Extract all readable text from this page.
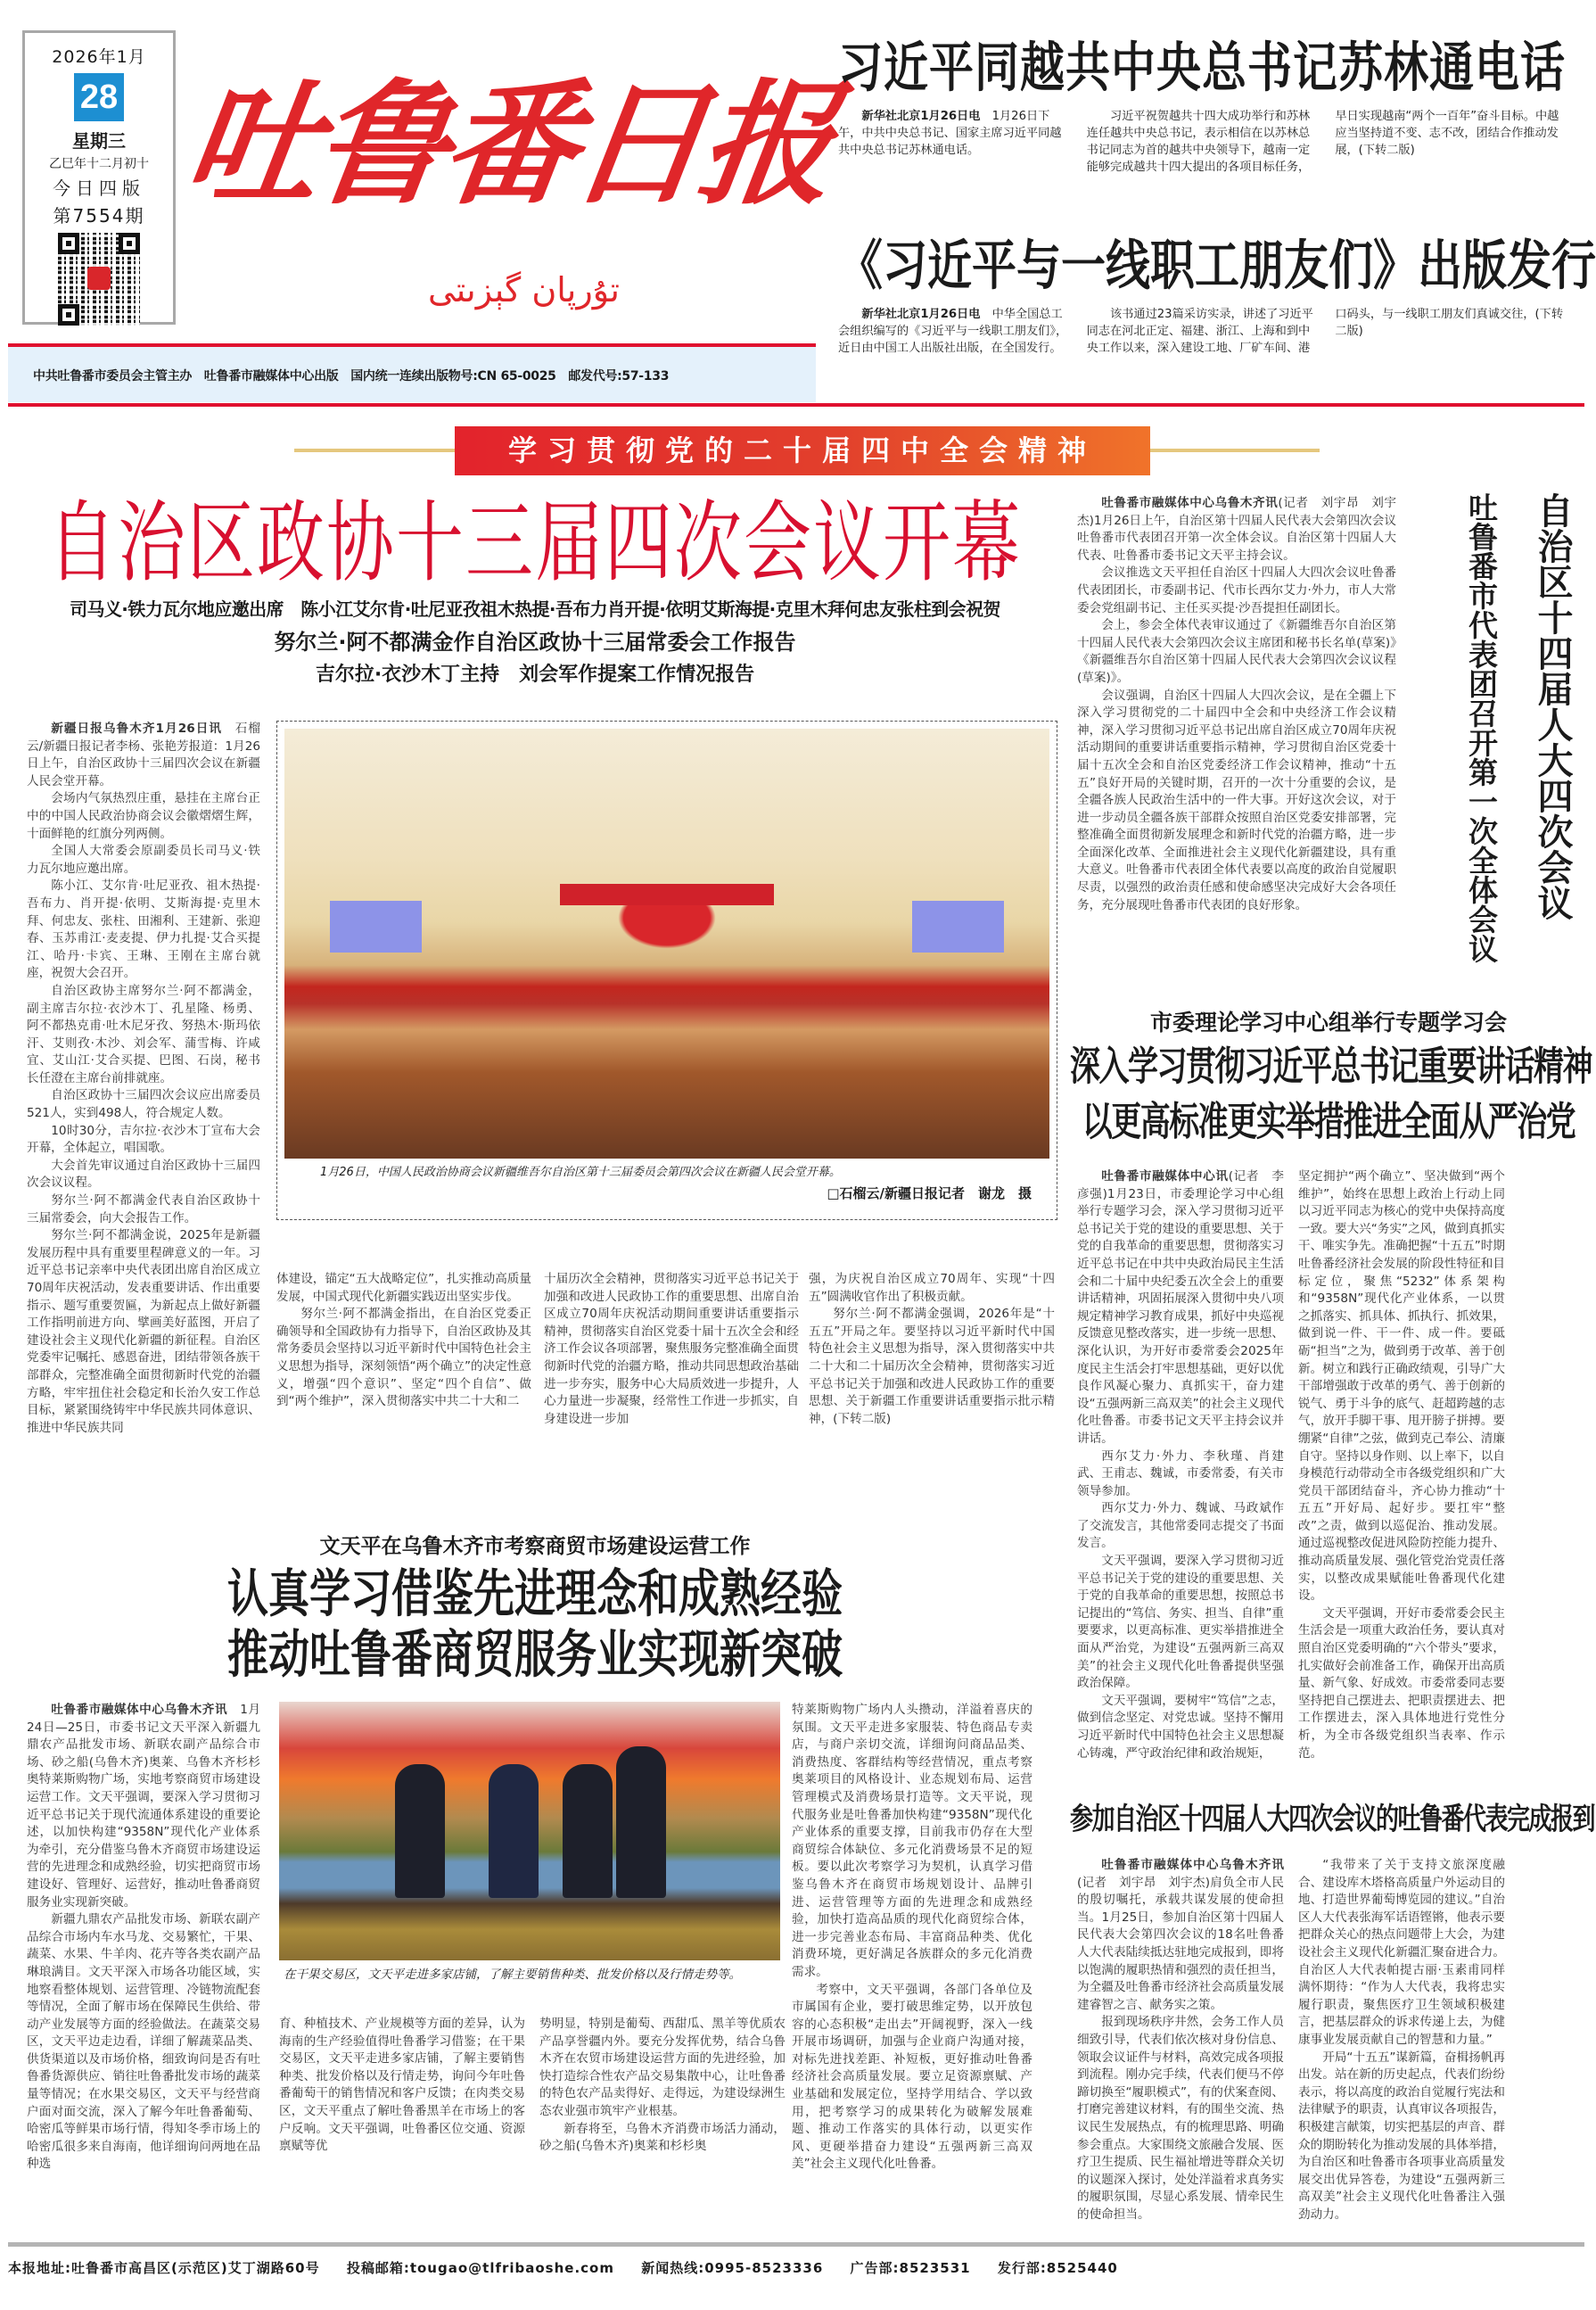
2026年1月
28
星期三
乙巳年十二月初十
今日四版
第7554期 吐鲁番日报
تۇرپان گېزىتى
习近平同越共中央总书记苏林通电话

新华社北京1月26日电　1月26日下午，中共中央总书记、国家主席习近平同越共中央总书记苏林通电话。

习近平祝贺越共十四大成功举行和苏林连任越共中央总书记，表示相信在以苏林总书记同志为首的越共中央领导下，越南一定能够完成越共十四大提出的各项目标任务，早日实现越南“两个一百年”奋斗目标。中越应当坚持道不变、志不改，团结合作推动发展，(下转二版)

《习近平与一线职工朋友们》出版发行

新华社北京1月26日电　中华全国总工会组织编写的《习近平与一线职工朋友们》，近日由中国工人出版社出版，在全国发行。

该书通过23篇采访实录，讲述了习近平同志在河北正定、福建、浙江、上海和到中央工作以来，深入建设工地、厂矿车间、港口码头，与一线职工朋友们真诚交往，(下转二版)

中共吐鲁番市委员会主管主办　吐鲁番市融媒体中心出版　国内统一连续出版物号:CN 65-0025　邮发代号:57-133
学习贯彻党的二十届四中全会精神
自治区政协十三届四次会议开幕
司马义·铁力瓦尔地应邀出席　陈小江艾尔肯·吐尼亚孜祖木热提·吾布力肖开提·依明艾斯海提·克里木拜何忠友张柱到会祝贺
努尔兰·阿不都满金作自治区政协十三届常委会工作报告
吉尔拉·衣沙木丁主持　刘会军作提案工作情况报告

新疆日报乌鲁木齐1月26日讯　石榴云/新疆日报记者李杨、张艳芳报道：1月26日上午，自治区政协十三届四次会议在新疆人民会堂开幕。

会场内气氛热烈庄重，悬挂在主席台正中的中国人民政治协商会议会徽熠熠生辉，十面鲜艳的红旗分列两侧。

全国人大常委会原副委员长司马义·铁力瓦尔地应邀出席。

陈小江、艾尔肯·吐尼亚孜、祖木热提·吾布力、肖开提·依明、艾斯海提·克里木拜、何忠友、张柱、田湘利、王建新、张迎春、玉苏甫江·麦麦提、伊力扎提·艾合买提江、哈丹·卡宾、王琳、王刚在主席台就座，祝贺大会召开。

自治区政协主席努尔兰·阿不都满金，副主席吉尔拉·衣沙木丁、孔星隆、杨勇、阿不都热克甫·吐木尼牙孜、努热木·斯玛依汗、艾则孜·木沙、刘会军、蒲雪梅、许咸宜、艾山江·艾合买提、巴图、石岗，秘书长任澄在主席台前排就座。

自治区政协十三届四次会议应出席委员521人，实到498人，符合规定人数。

10时30分，吉尔拉·衣沙木丁宣布大会开幕，全体起立，唱国歌。

大会首先审议通过自治区政协十三届四次会议议程。

努尔兰·阿不都满金代表自治区政协十三届常委会，向大会报告工作。

努尔兰·阿不都满金说，2025年是新疆发展历程中具有重要里程碑意义的一年。习近平总书记亲率中央代表团出席自治区成立70周年庆祝活动，发表重要讲话、作出重要指示、题写重要贺匾，为新起点上做好新疆工作指明前进方向、擘画美好蓝图，开启了建设社会主义现代化新疆的新征程。自治区党委牢记嘱托、感恩奋进，团结带领各族干部群众，完整准确全面贯彻新时代党的治疆方略，牢牢扭住社会稳定和长治久安工作总目标，紧紧围绕铸牢中华民族共同体意识、推进中华民族共同

1月26日，中国人民政治协商会议新疆维吾尔自治区第十三届委员会第四次会议在新疆人民会堂开幕。
□石榴云/新疆日报记者　谢龙　摄

体建设，锚定“五大战略定位”，扎实推动高质量发展，中国式现代化新疆实践迈出坚实步伐。

努尔兰·阿不都满金指出，在自治区党委正确领导和全国政协有力指导下，自治区政协及其常务委员会坚持以习近平新时代中国特色社会主义思想为指导，深刻领悟“两个确立”的决定性意义，增强“四个意识”、坚定“四个自信”、做到“两个维护”，深入贯彻落实中共二十大和二

十届历次全会精神，贯彻落实习近平总书记关于加强和改进人民政协工作的重要思想、出席自治区成立70周年庆祝活动期间重要讲话重要指示精神，贯彻落实自治区党委十届十五次全会和经济工作会议各项部署，聚焦服务完整准确全面贯彻新时代党的治疆方略，推动共同思想政治基础进一步夯实，服务中心大局质效进一步提升，人心力量进一步凝聚，经常性工作进一步抓实，自身建设进一步加

强，为庆祝自治区成立70周年、实现“十四五”圆满收官作出了积极贡献。

努尔兰·阿不都满金强调，2026年是“十五五”开局之年。要坚持以习近平新时代中国特色社会主义思想为指导，深入贯彻落实中共二十大和二十届历次全会精神，贯彻落实习近平总书记关于加强和改进人民政协工作的重要思想、关于新疆工作重要讲话重要指示批示精神，(下转二版)

吐鲁番市融媒体中心乌鲁木齐讯(记者　刘宇昂　刘宇杰)1月26日上午，自治区第十四届人民代表大会第四次会议吐鲁番市代表团召开第一次全体会议。自治区第十四届人大代表、吐鲁番市委书记文天平主持会议。

会议推选文天平担任自治区十四届人大四次会议吐鲁番代表团团长，市委副书记、代市长西尔艾力·外力，市人大常委会党组副书记、主任买买提·沙吾提担任副团长。

会上，参会全体代表审议通过了《新疆维吾尔自治区第十四届人民代表大会第四次会议主席团和秘书长名单(草案)》《新疆维吾尔自治区第十四届人民代表大会第四次会议议程(草案)》。

会议强调，自治区十四届人大四次会议，是在全疆上下深入学习贯彻党的二十届四中全会和中央经济工作会议精神，深入学习贯彻习近平总书记出席自治区成立70周年庆祝活动期间的重要讲话重要指示精神，学习贯彻自治区党委十届十五次全会和自治区党委经济工作会议精神，推动“十五五”良好开局的关键时期，召开的一次十分重要的会议，是全疆各族人民政治生活中的一件大事。开好这次会议，对于进一步动员全疆各族干部群众按照自治区党委安排部署，完整准确全面贯彻新发展理念和新时代党的治疆方略，进一步全面深化改革、全面推进社会主义现代化新疆建设，具有重大意义。吐鲁番市代表团全体代表要以高度的政治自觉履职尽责，以强烈的政治责任感和使命感坚决完成好大会各项任务，充分展现吐鲁番市代表团的良好形象。	自治区十四届人大四次会议
吐鲁番市代表团召开第一次全体会议
市委理论学习中心组举行专题学习会
深入学习贯彻习近平总书记重要讲话精神
以更高标准更实举措推进全面从严治党

吐鲁番市融媒体中心讯(记者　李彦强)1月23日，市委理论学习中心组举行专题学习会，深入学习贯彻习近平总书记关于党的建设的重要思想、关于党的自我革命的重要思想，贯彻落实习近平总书记在中共中央政治局民主生活会和二十届中央纪委五次全会上的重要讲话精神，巩固拓展深入贯彻中央八项规定精神学习教育成果，抓好中央巡视反馈意见整改落实，进一步统一思想、深化认识，为开好市委常委会2025年度民主生活会打牢思想基础，更好以优良作风凝心聚力、真抓实干，奋力建设“五强两新三高双美”的社会主义现代化吐鲁番。市委书记文天平主持会议并讲话。

西尔艾力·外力、李秋瑾、肖建武、王甫志、魏诚，市委常委，有关市领导参加。

西尔艾力·外力、魏诚、马政斌作了交流发言，其他常委同志提交了书面发言。

文天平强调，要深入学习贯彻习近平总书记关于党的建设的重要思想、关于党的自我革命的重要思想，按照总书记提出的“笃信、务实、担当、自律”重要要求，以更高标准、更实举措推进全面从严治党，为建设“五强两新三高双美”的社会主义现代化吐鲁番提供坚强政治保障。

文天平强调，要树牢“笃信”之志，做到信念坚定、对党忠诚。坚持不懈用习近平新时代中国特色社会主义思想凝心铸魂，严守政治纪律和政治规矩，

坚定拥护“两个确立”、坚决做到“两个维护”，始终在思想上政治上行动上同以习近平同志为核心的党中央保持高度一致。要大兴“务实”之风，做到真抓实干、唯实争先。准确把握“十五五”时期吐鲁番经济社会发展的阶段性特征和目标定位，聚焦“5232”体系架构和“9358N”现代化产业体系，一以贯之抓落实、抓具体、抓执行、抓效果，做到说一件、干一件、成一件。要砥砺“担当”之为，做到勇于改革、善于创新。树立和践行正确政绩观，引导广大干部增强敢于改革的勇气、善于创新的锐气、勇于斗争的底气、赶超跨越的志气，放开手脚干事、甩开膀子拼搏。要绷紧“自律”之弦，做到克己奉公、清廉自守。坚持以身作则、以上率下，以自身模范行动带动全市各级党组织和广大党员干部团结奋斗，齐心协力推动“十五五”开好局、起好步。要扛牢“整改”之责，做到以巡促治、推动发展。通过巡视整改促进风险防控能力提升、推动高质量发展、强化管党治党责任落实，以整改成果赋能吐鲁番现代化建设。

文天平强调，开好市委常委会民主生活会是一项重大政治任务，要认真对照自治区党委明确的“六个带头”要求，扎实做好会前准备工作，确保开出高质量、新气象、好成效。市委常委同志要坚持把自己摆进去、把职责摆进去、把工作摆进去，深入具体地进行党性分析，为全市各级党组织当表率、作示范。

参加自治区十四届人大四次会议的吐鲁番代表完成报到

吐鲁番市融媒体中心乌鲁木齐讯(记者　刘宇昂　刘宇杰)肩负全市人民的殷切嘱托，承载共谋发展的使命担当。1月25日，参加自治区第十四届人民代表大会第四次会议的18名吐鲁番人大代表陆续抵达驻地完成报到，即将以饱满的履职热情和强烈的责任担当，为全疆及吐鲁番市经济社会高质量发展建睿智之言、献务实之策。

报到现场秩序井然，会务工作人员细致引导，代表们依次核对身份信息、领取会议证件与材料，高效完成各项报到流程。刚办完手续，代表们便马不停蹄切换至“履职模式”，有的伏案查阅、打磨完善建议材料，有的围坐交流、热议民生发展热点，有的梳理思路、明确参会重点。大家围绕文旅融合发展、医疗卫生提质、民生福祉增进等群众关切的议题深入探讨，处处洋溢着求真务实的履职氛围，尽显心系发展、情牵民生的使命担当。

“我带来了关于支持文旅深度融合、建设库木塔格高质量户外运动目的地、打造世界葡萄博览园的建议。”自治区人大代表张海军话语铿锵，他表示要把群众关心的热点问题带上大会，为建设社会主义现代化新疆汇聚奋进合力。自治区人大代表帕提古丽·玉素甫同样满怀期待：“作为人大代表，我将忠实履行职责，聚焦医疗卫生领域积极建言，把基层群众的诉求传递上去，为健康事业发展贡献自己的智慧和力量。”

开局“十五五”谋新篇，奋楫扬帆再出发。站在新的历史起点，代表们纷纷表示，将以高度的政治自觉履行宪法和法律赋予的职责，认真审议各项报告，积极建言献策，切实把基层的声音、群众的期盼转化为推动发展的具体举措，为自治区和吐鲁番市各项事业高质量发展交出优异答卷，为建设“五强两新三高双美”社会主义现代化吐鲁番注入强劲动力。

文天平在乌鲁木齐市考察商贸市场建设运营工作
认真学习借鉴先进理念和成熟经验
推动吐鲁番商贸服务业实现新突破

吐鲁番市融媒体中心乌鲁木齐讯　1月24日—25日，市委书记文天平深入新疆九鼎农产品批发市场、新联农副产品综合市场、砂之船(乌鲁木齐)奥莱、乌鲁木齐杉杉奥特莱斯购物广场，实地考察商贸市场建设运营工作。文天平强调，要深入学习贯彻习近平总书记关于现代流通体系建设的重要论述，以加快构建“9358N”现代化产业体系为牵引，充分借鉴乌鲁木齐商贸市场建设运营的先进理念和成熟经验，切实把商贸市场建设好、管理好、运营好，推动吐鲁番商贸服务业实现新突破。

新疆九鼎农产品批发市场、新联农副产品综合市场内车水马龙、交易繁忙，干果、蔬菜、水果、牛羊肉、花卉等各类农副产品琳琅满目。文天平深入市场各功能区域，实地察看整体规划、运营管理、冷链物流配套等情况，全面了解市场在保障民生供给、带动产业发展等方面的经验做法。在蔬菜交易区，文天平边走边看，详细了解蔬菜品类、供货渠道以及市场价格，细致询问是否有吐鲁番货源供应、销往吐鲁番批发市场的蔬菜量等情况；在水果交易区，文天平与经营商户面对面交流，深入了解今年吐鲁番葡萄、哈密瓜等鲜果市场行情，得知冬季市场上的哈密瓜很多来自海南，他详细询问两地在品种选

在干果交易区，文天平走进多家店铺，了解主要销售种类、批发价格以及行情走势等。

育、种植技术、产业规模等方面的差异，认为海南的生产经验值得吐鲁番学习借鉴；在干果交易区，文天平走进多家店铺，了解主要销售种类、批发价格以及行情走势，询问今年吐鲁番葡萄干的销售情况和客户反馈；在肉类交易区，文天平重点了解吐鲁番黑羊在市场上的客户反响。文天平强调，吐鲁番区位交通、资源禀赋等优

势明显，特别是葡萄、西甜瓜、黑羊等优质农产品享誉疆内外。要充分发挥优势，结合乌鲁木齐在农贸市场建设运营方面的先进经验，加快打造综合性农产品交易集散中心，让吐鲁番的特色农产品卖得好、走得远，为建设绿洲生态农业强市筑牢产业根基。

新春将至，乌鲁木齐消费市场活力涌动，砂之船(乌鲁木齐)奥莱和杉杉奥

特莱斯购物广场内人头攒动，洋溢着喜庆的氛围。文天平走进多家服装、特色商品专卖店，与商户亲切交流，详细询问商品品类、消费热度、客群结构等经营情况，重点考察奥莱项目的风格设计、业态规划布局、运营管理模式及消费场景打造等。文天平说，现代服务业是吐鲁番加快构建“9358N”现代化产业体系的重要支撑，目前我市仍存在大型商贸综合体缺位、多元化消费场景不足的短板。要以此次考察学习为契机，认真学习借鉴乌鲁木齐在商贸市场规划设计、品牌引进、运营管理等方面的先进理念和成熟经验，加快打造高品质的现代化商贸综合体，进一步完善业态布局、丰富商品种类、优化消费环境，更好满足各族群众的多元化消费需求。

考察中，文天平强调，各部门各单位及市属国有企业，要打破思维定势，以开放包容的心态积极“走出去”开阔视野，深入一线开展市场调研，加强与企业商户沟通对接，对标先进找差距、补短板，更好推动吐鲁番经济社会高质量发展。要立足资源禀赋、产业基础和发展定位，坚持学用结合、学以致用，把考察学习的成果转化为破解发展难题、推动工作落实的具体行动，以更实作风、更硬举措奋力建设“五强两新三高双美”社会主义现代化吐鲁番。

本报地址:吐鲁番市高昌区(示范区)艾丁湖路60号 投稿邮箱:tougao@tlfribaoshe.com 新闻热线:0995-8523336 广告部:8523531 发行部:8525440
